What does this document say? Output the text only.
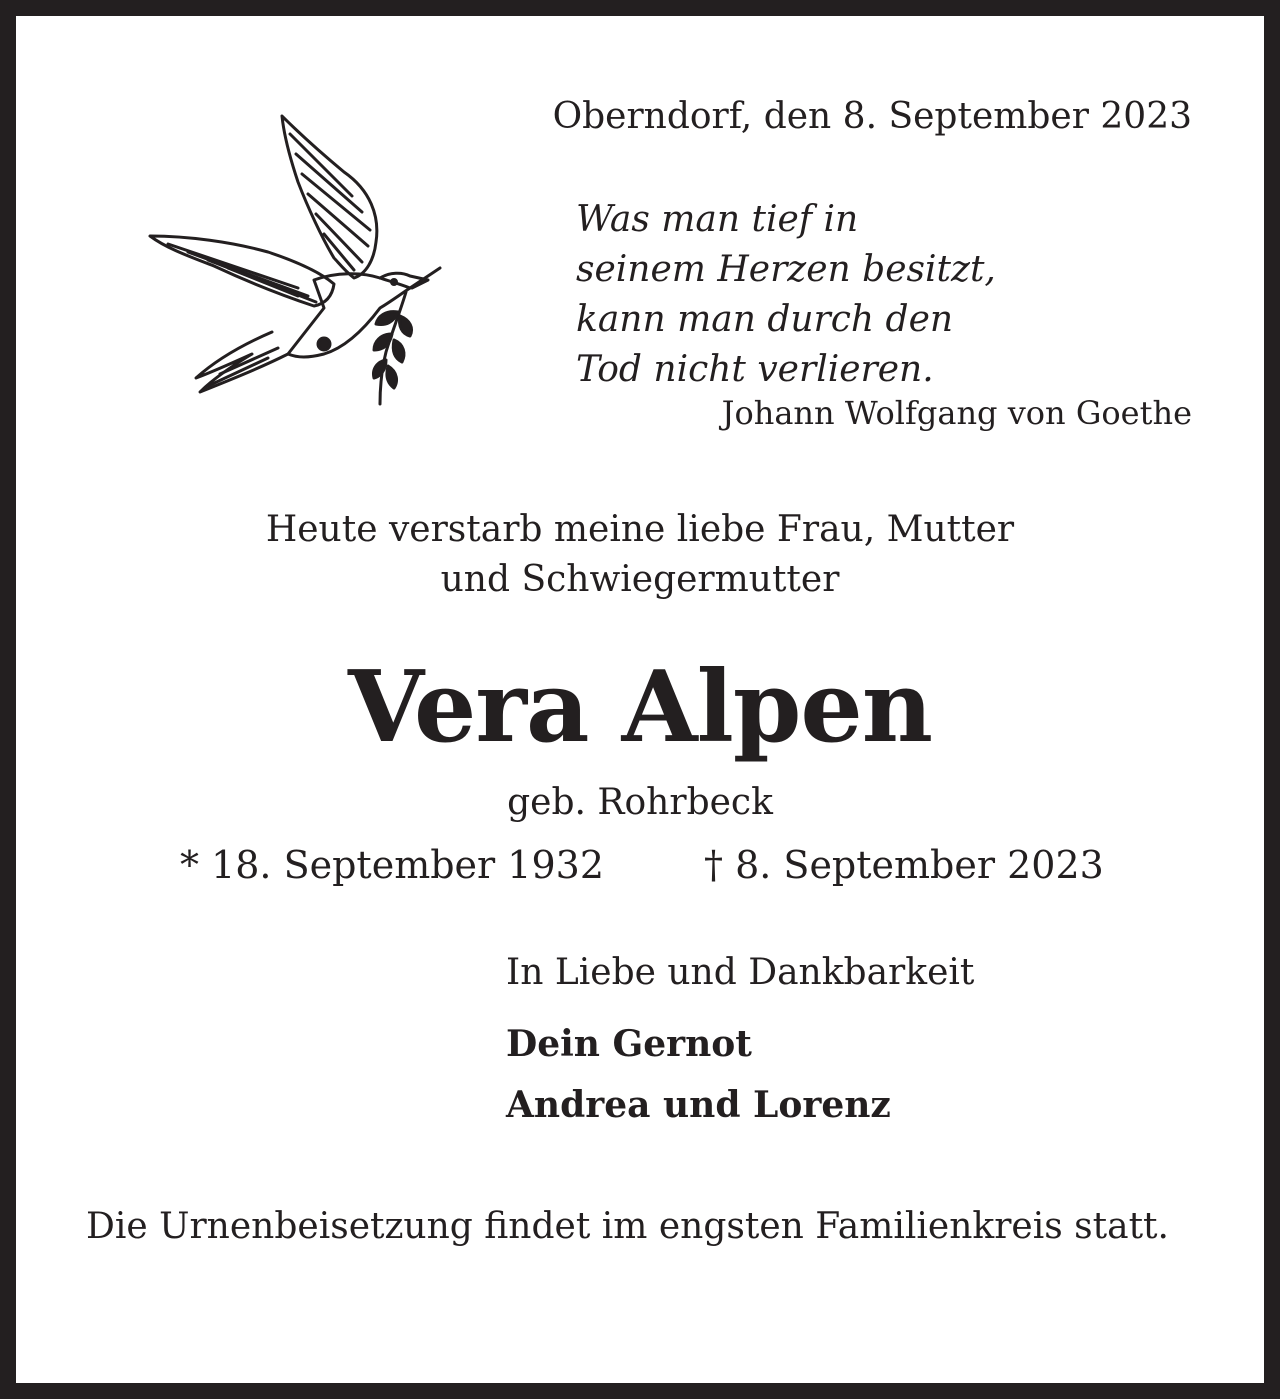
Oberndorf, den 8. September 2023
Was man tief in
seinem Herzen besitzt,
kann man durch den
Tod nicht verlieren.
Johann Wolfgang von Goethe
Heute verstarb meine liebe Frau, Mutter
und Schwiegermutter
Vera Alpen
geb. Rohrbeck
* 18. September 1932	† 8. September 2023
In Liebe und Dankbarkeit
Dein Gernot
Andrea und Lorenz
Die Urnenbeisetzung findet im engsten Familienkreis statt.
